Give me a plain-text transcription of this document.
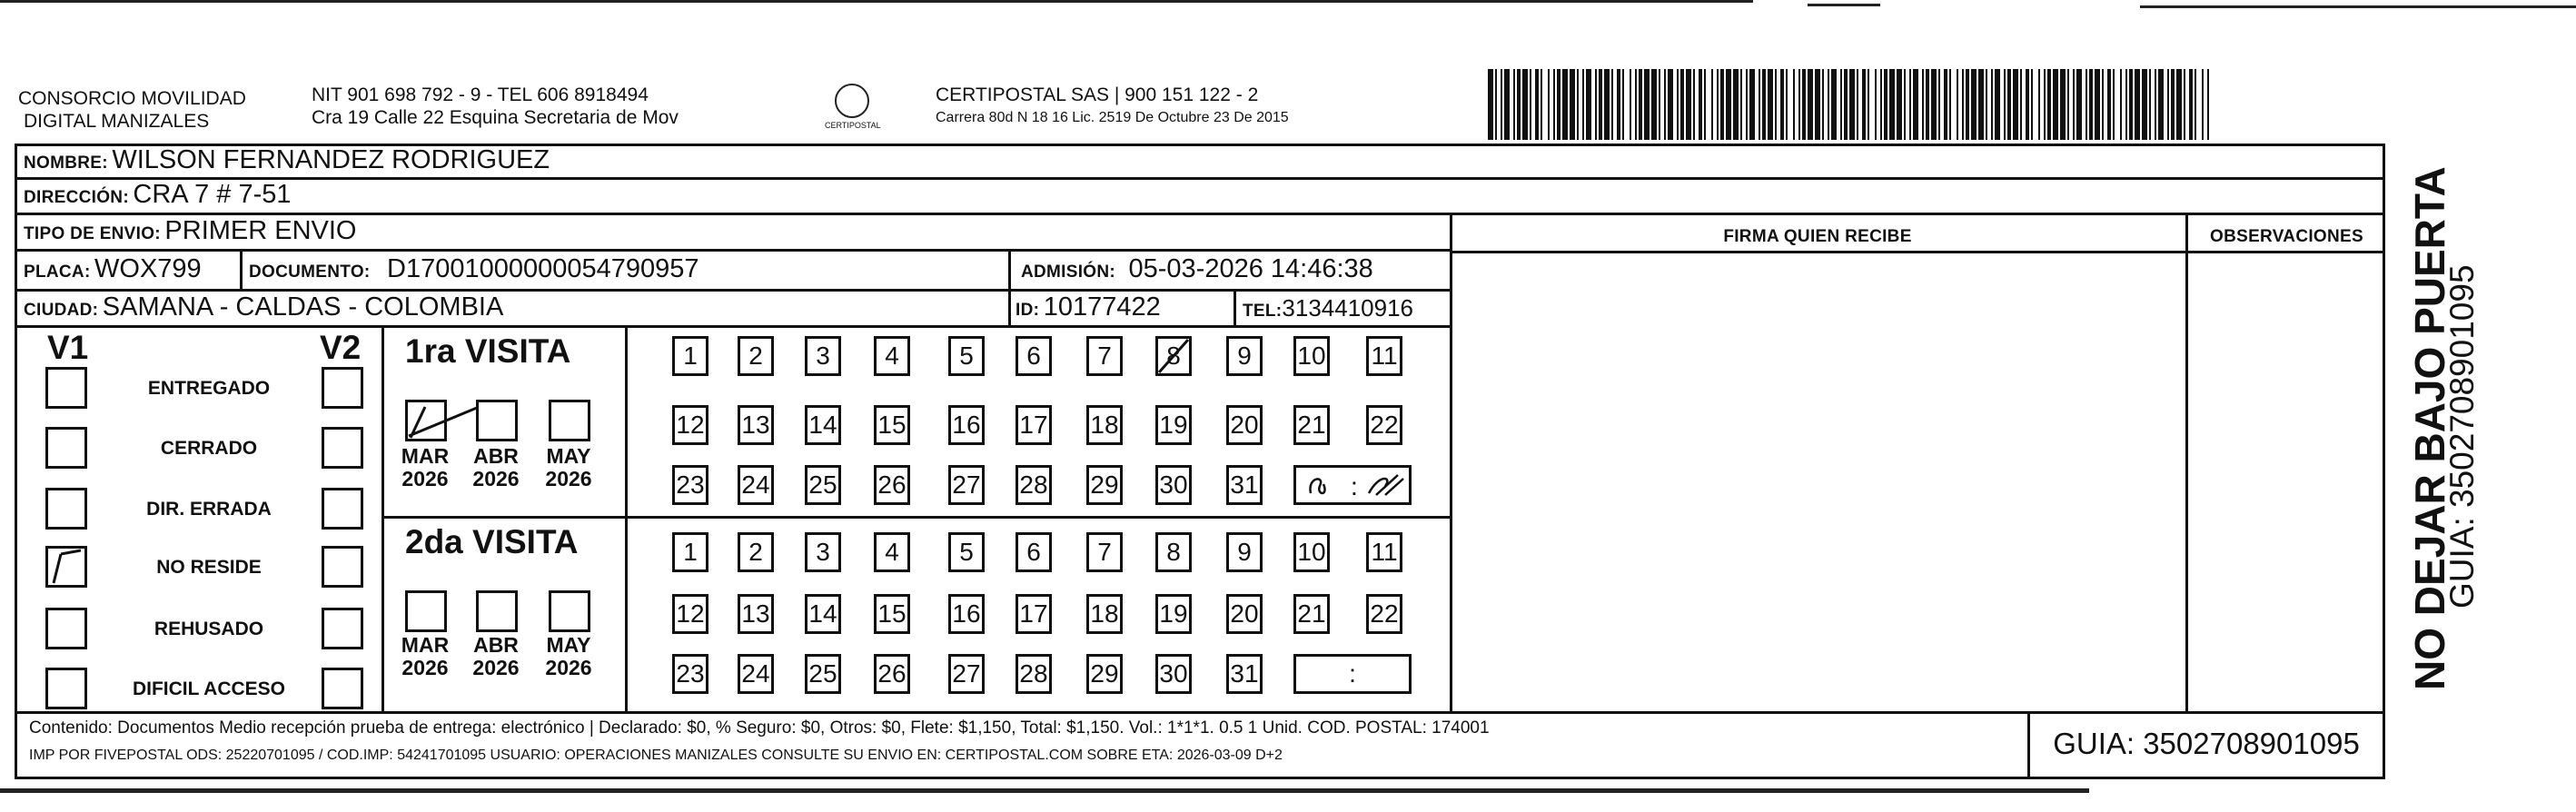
CONSORCIO MOVILIDAD
DIGITAL MANIZALES
NIT 901 698 792 - 9 - TEL 606 8918494
Cra 19 Calle 22 Esquina Secretaria de Mov	CERTIPOSTAL
CERTIPOSTAL SAS | 900 151 122 - 2
Carrera 80d N 18 16 Lic. 2519 De Octubre 23 De 2015
NOMBRE: WILSON FERNANDEZ RODRIGUEZ
DIRECCIÓN: CRA 7 # 7-51
TIPO DE ENVIO: PRIMER ENVIO	FIRMA QUIEN RECIBE	OBSERVACIONES
PLACA: WOX799	DOCUMENTO: D17001000000054790957	ADMISIÓN: 05-03-2026 14:46:38
CIUDAD: SAMANA - CALDAS - COLOMBIA	ID: 10177422	TEL:3134410916
V1	V2
ENTREGADO
CERRADO
DIR. ERRADA
NO RESIDE
REHUSADO
DIFICIL ACCESO
1ra VISITA
2da VISITA
MAR
2026
ABR
2026
MAY
2026
MAR
2026
ABR
2026
MAY
2026
1	2	3	4	5	6	7	8	9	10 11
12 13 14 15 16 17 18 19 20 21 22
23 24 25 26 27 28 29 30 31	:
1	2	3	4	5	6	7	8	9	10 11
12 13 14 15 16 17 18 19 20 21 22
23 24 25 26 27 28 29 30 31	:
Contenido: Documentos Medio recepción prueba de entrega: electrónico | Declarado: $0, % Seguro: $0, Otros: $0, Flete: $1,150, Total: $1,150. Vol.: 1*1*1. 0.5 1 Unid. COD. POSTAL: 174001
IMP POR FIVEPOSTAL ODS: 25220701095 / COD.IMP: 54241701095 USUARIO: OPERACIONES MANIZALES CONSULTE SU ENVIO EN: CERTIPOSTAL.COM SOBRE ETA: 2026-03-09 D+2	GUIA: 3502708901095
NO DEJAR BAJO PUERTA
GUIA: 3502708901095
